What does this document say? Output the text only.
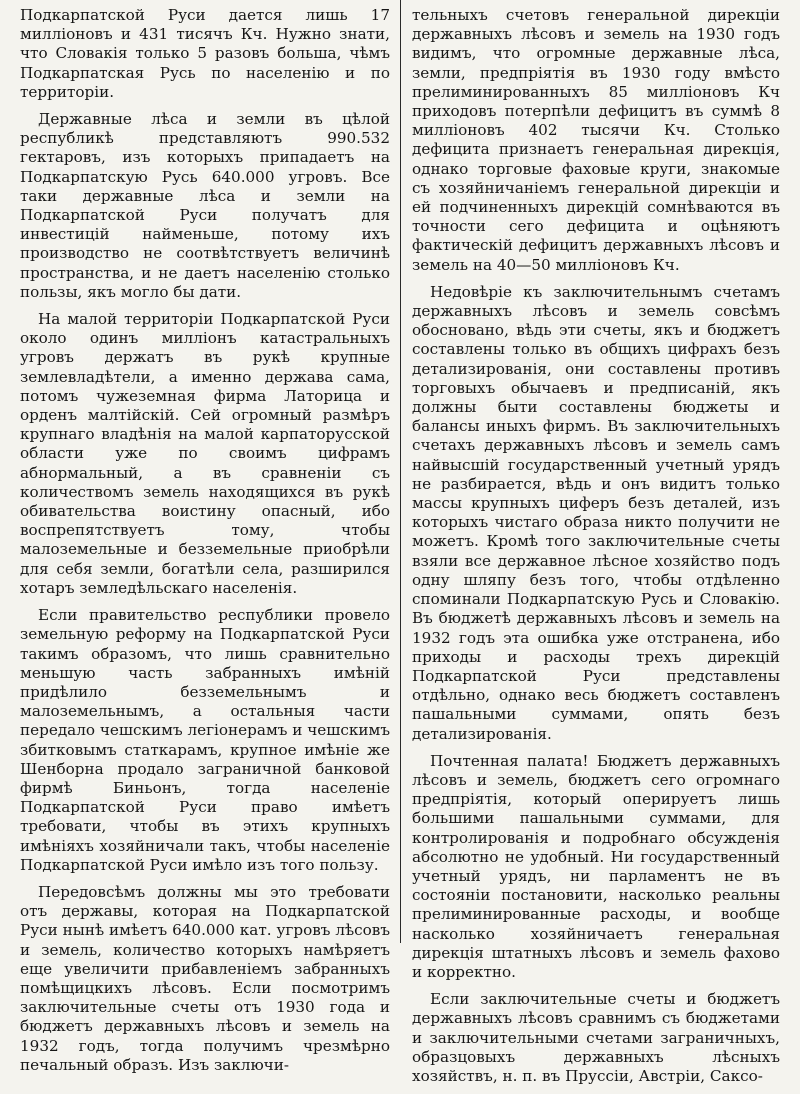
Подкарпатской Руси дается лишь 17 милліоновъ и 431 тисячъ Кч. Нужно знати, что Словакія только 5 разовъ больша, чѣмъ Подкарпатская Русь по населенію и по территоріи.

Державные лѣса и земли въ цѣлой республикѣ представляютъ 990.532 гектаровъ, изъ которыхъ припадаетъ на Подкарпатскую Русь 640.000 угровъ. Все таки державные лѣса и земли на Подкарпатской Руси получатъ для инвестицій найменьше, потому ихъ производство не соотвѣтствуетъ величинѣ пространства, и не даетъ населенію столько пользы, якъ могло бы дати.

На малой территоріи Подкарпатской Руси около одинъ милліонъ катастральныхъ угровъ держатъ въ рукѣ крупные землевладѣтели, а именно держава сама, потомъ чужеземная фирма Латорица и орденъ малтійскій. Сей огромный размѣръ крупнаго владѣнія на малой карпаторусской области уже по своимъ цифрамъ абнормальный, а въ сравненіи съ количествомъ земель находящихся въ рукѣ обивательства воистину опасный, ибо воспрепятствуетъ тому, чтобы малоземельные и безземельные приобрѣли для себя земли, богатѣли села, разширился хотаръ земледѣльскаго населенія.

Если правительство республики провело земельную реформу на Подкарпатской Руси такимъ образомъ, что лишь сравнительно меньшую часть забранныхъ имѣній придѣлило безземельнымъ и малоземельнымъ, а остальныя части передало чешскимъ легіонерамъ и чешскимъ збитковымъ статкарамъ, крупное имѣніе же Шенборна продало заграничной банковой фирмѣ Биньонъ, тогда населеніе Подкарпатской Руси право имѣетъ требовати, чтобы въ этихъ крупныхъ имѣніяхъ хозяйничали такъ, чтобы населеніе Подкарпатской Руси имѣло изъ того пользу.

Передовсѣмъ должны мы это требовати отъ державы, которая на Подкарпатской Руси нынѣ имѣетъ 640.000 кат. угровъ лѣсовъ и земель, количество которыхъ намѣряетъ еще увеличити прибавленіемъ забранныхъ помѣщицкихъ лѣсовъ. Если посмотримъ заключительные счеты отъ 1930 года и бюджетъ державныхъ лѣсовъ и земель на 1932 годъ, тогда получимъ чрезмѣрно печальный образъ. Изъ заключи-

тельныхъ счетовъ генеральной дирекціи державныхъ лѣсовъ и земель на 1930 годъ видимъ, что огромные державные лѣса, земли, предпріятія въ 1930 году вмѣсто прелиминированныхъ 85 милліоновъ Кч приходовъ потерпѣли дефицитъ въ суммѣ 8 милліоновъ 402 тысячи Кч. Столько дефицита признаетъ генеральная дирекція, однако торговые фаховые круги, знакомые съ хозяйничаніемъ генеральной дирекціи и ей подчиненныхъ дирекцій сомнѣваются въ точности сего дефицита и оцѣняютъ фактическій дефицитъ державныхъ лѣсовъ и земель на 40—50 милліоновъ Кч.

Недовѣріе къ заключительнымъ счетамъ державныхъ лѣсовъ и земель совсѣмъ обосновано, вѣдь эти счеты, якъ и бюджетъ составлены только въ общихъ цифрахъ безъ детализированія, они составлены противъ торговыхъ обычаевъ и предписаній, якъ должны быти составлены бюджеты и балансы иныхъ фирмъ. Въ заключительныхъ счетахъ державныхъ лѣсовъ и земель самъ найвысшій государственный учетный урядъ не разбирается, вѣдь и онъ видитъ только массы крупныхъ циферъ безъ деталей, изъ которыхъ чистаго образа никто получити не можетъ. Кромѣ того заключительные счеты взяли все державное лѣсное хозяйство подъ одну шляпу безъ того, чтобы отдѣленно споминали Подкарпатскую Русь и Словакію. Въ бюджетѣ державныхъ лѣсовъ и земель на 1932 годъ эта ошибка уже отстранена, ибо приходы и расходы трехъ дирекцій Подкарпатской Руси представлены отдѣльно, однако весь бюджетъ составленъ пашальными суммами, опять безъ детализированія.

Почтенная палата! Бюджетъ державныхъ лѣсовъ и земель, бюджетъ сего огромнаго предпріятія, который оперируетъ лишь большими пашальными суммами, для контролированія и подробнаго обсужденія абсолютно не удобный. Ни государственный учетный урядъ, ни парламентъ не въ состояніи постановити, насколько реальны прелиминированные расходы, и вообще насколько хозяйничаетъ генеральная дирекція штатныхъ лѣсовъ и земель фахово и корректно.

Если заключительные счеты и бюджетъ державныхъ лѣсовъ сравнимъ съ бюджетами и заключительными счетами заграничныхъ, образцовыхъ державныхъ лѣсныхъ хозяйствъ, н. п. въ Пруссіи, Австріи, Саксо-
